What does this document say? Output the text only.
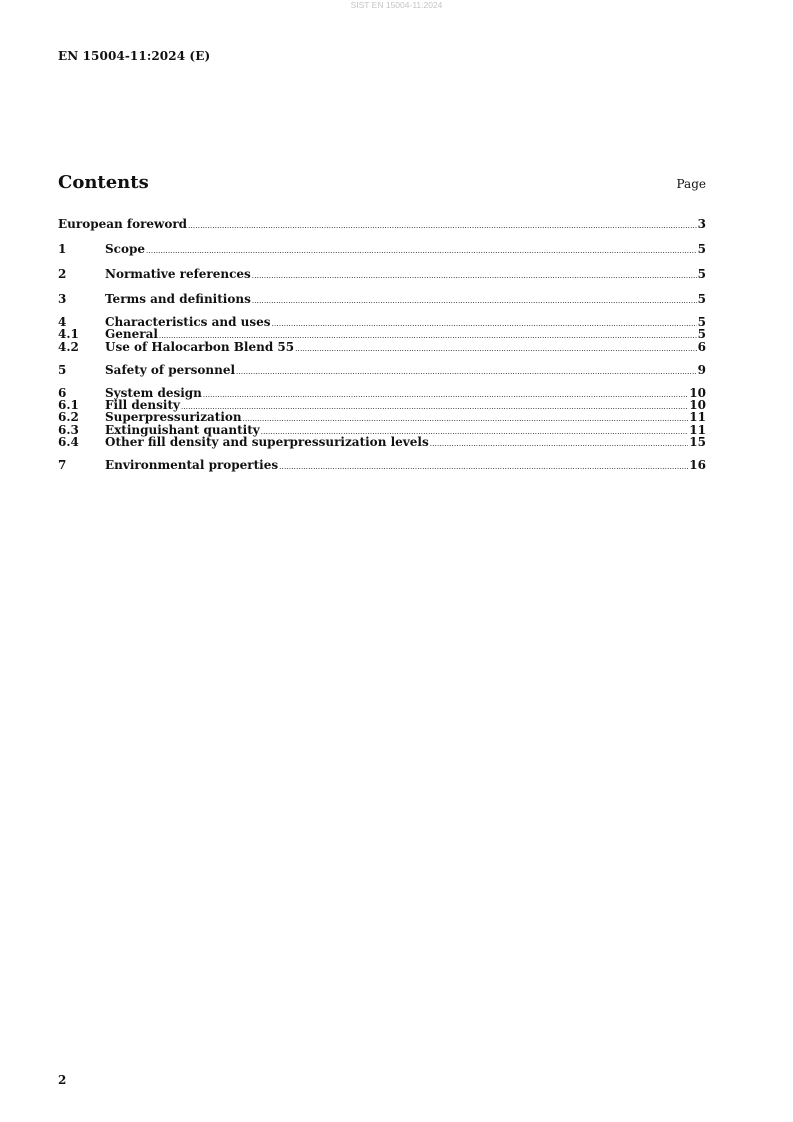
SIST EN 15004-11:2024
EN 15004-11:2024 (E)
Contents	Page
European foreword .....	3
1	Scope .....	5
2	Normative references .....	5
3	Terms and definitions .....	5
4	Characteristics and uses .....	5
4.1	General .....	5
4.2	Use of Halocarbon Blend 55 .....	6
5	Safety of personnel .....	9
6	System design .....	10
6.1	Fill density .....	10
6.2	Superpressurization .....	11
6.3	Extinguishant quantity .....	11
6.4	Other fill density and superpressurization levels .....	15
7	Environmental properties .....	16
2
